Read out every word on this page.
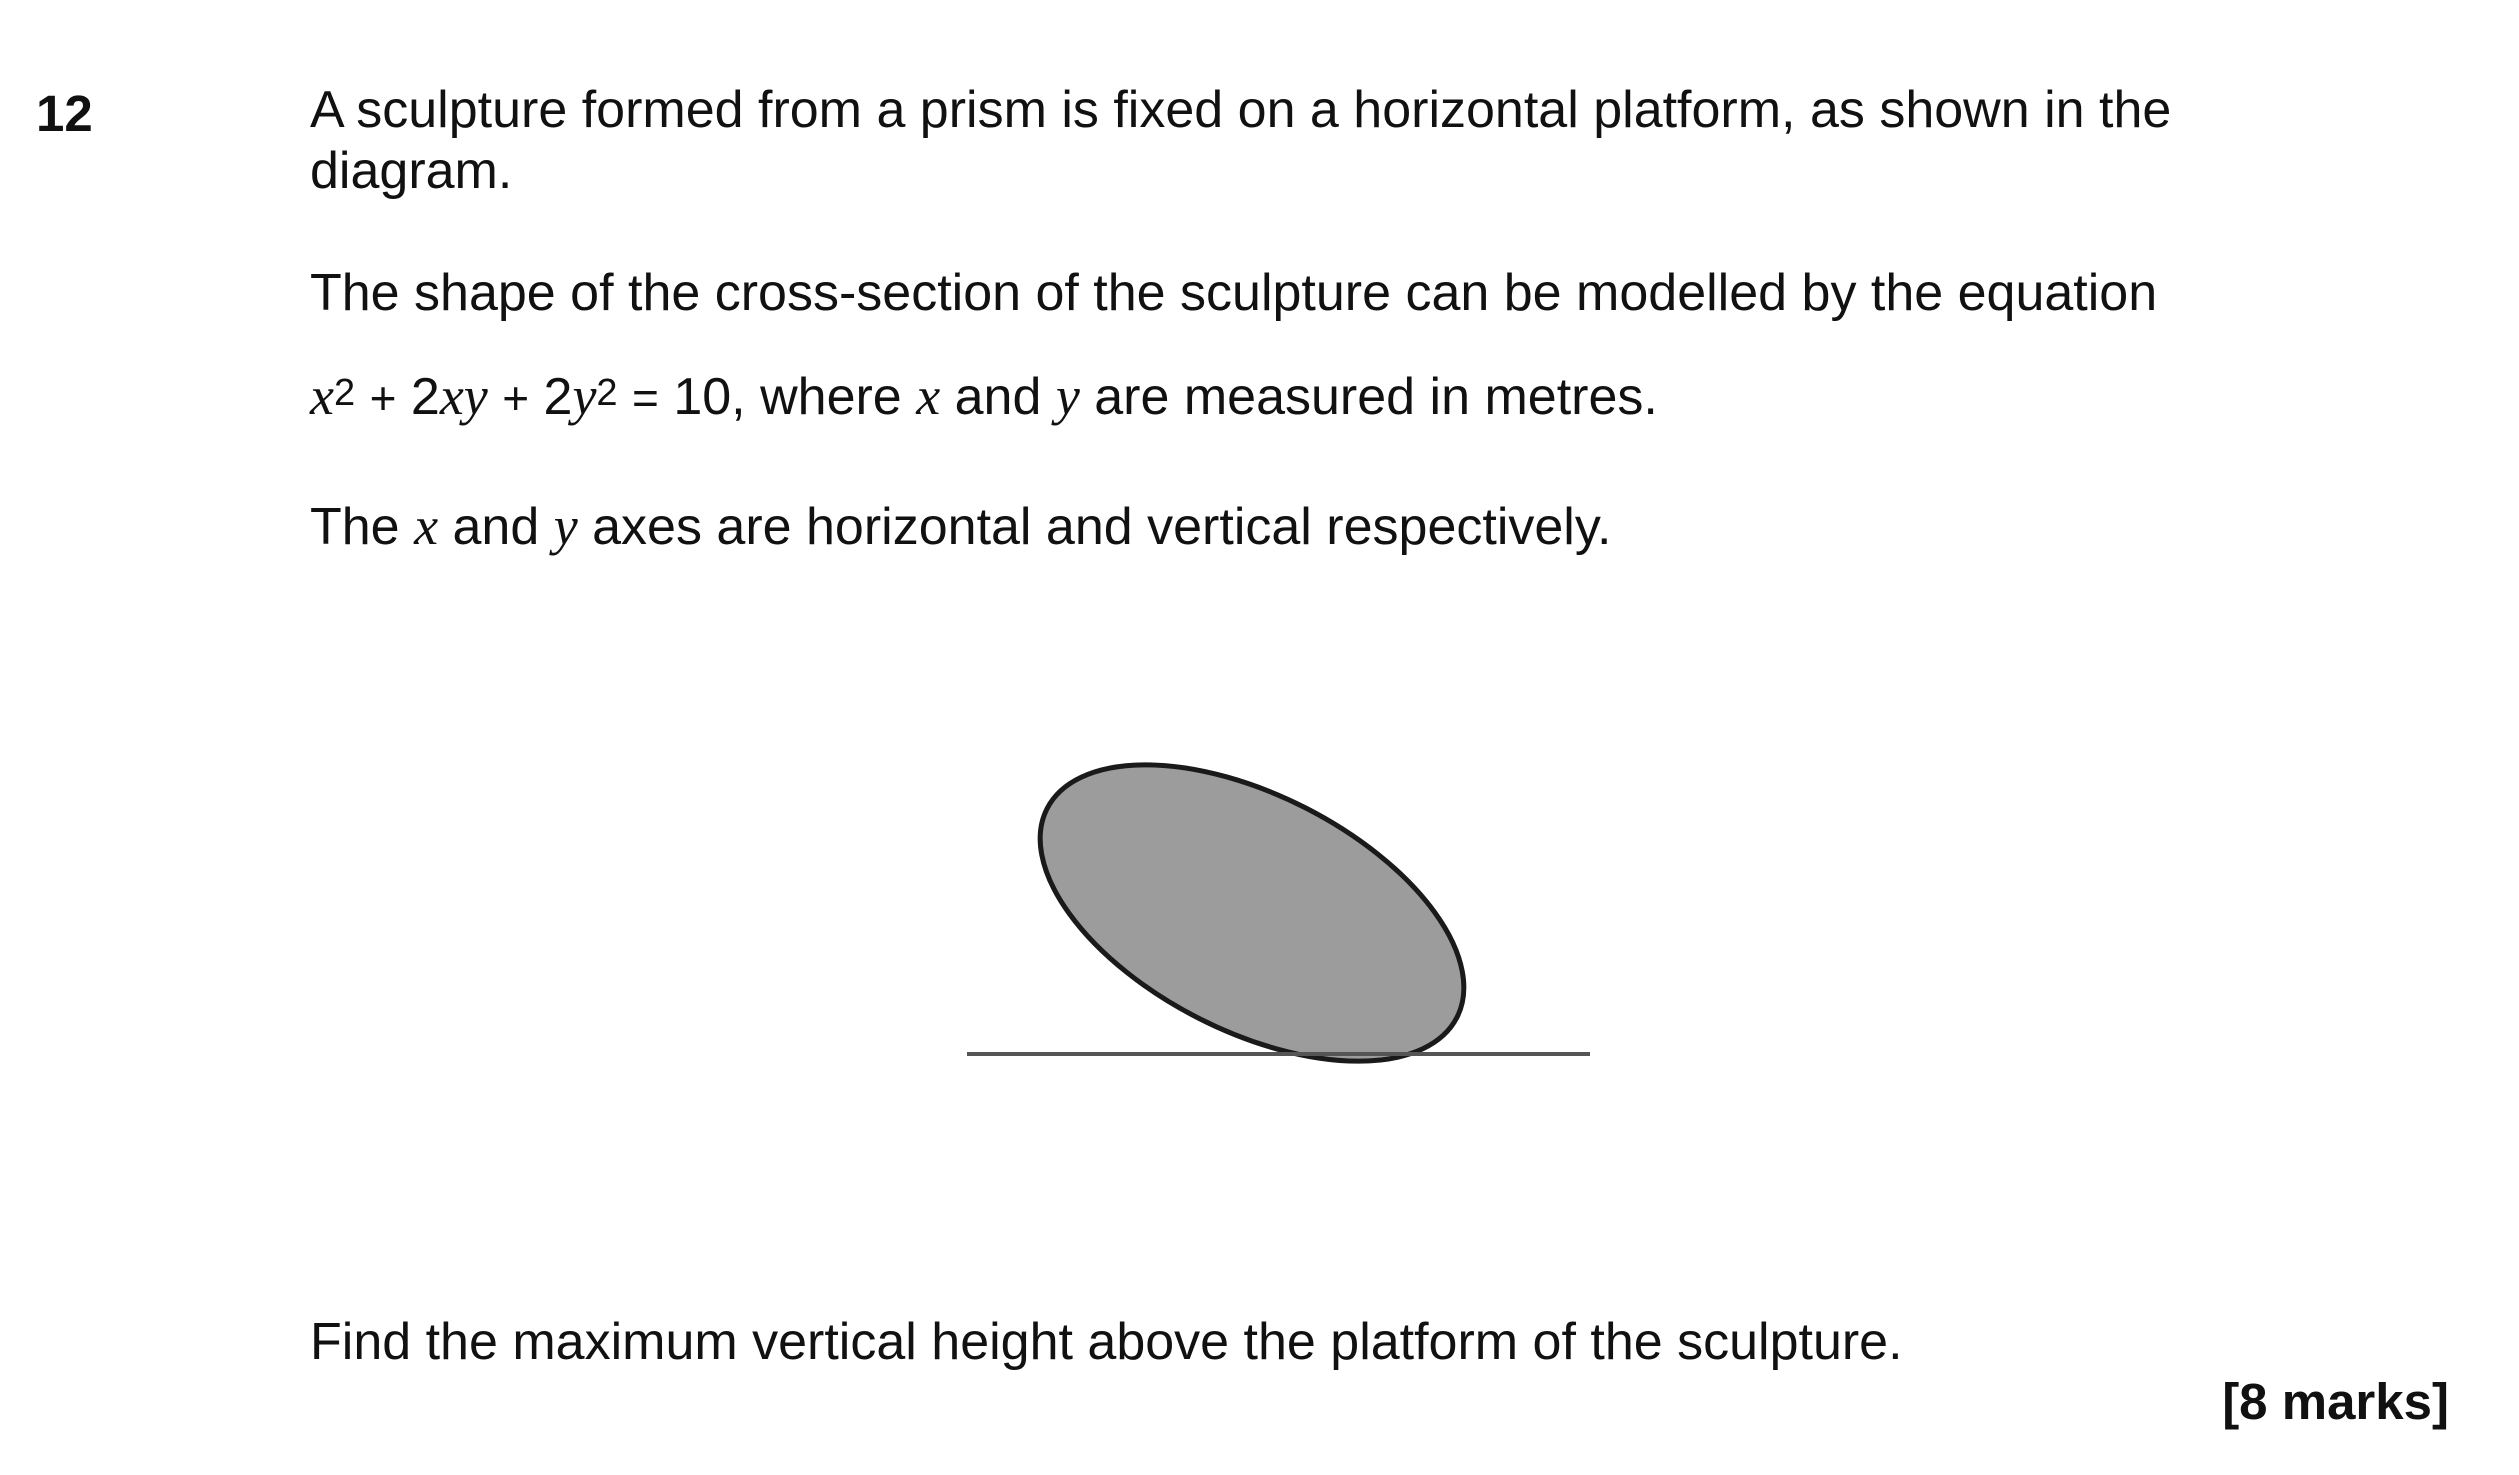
12	A sculpture formed from a prism is fixed on a horizontal platform, as shown in the
diagram.
The shape of the cross-section of the sculpture can be modelled by the equation
$x^2 + 2xy + 2y^2 = 10$, where x and y are measured in metres.
The x and y axes are horizontal and vertical respectively.
Find the maximum vertical height above the platform of the sculpture.
[8 marks]
